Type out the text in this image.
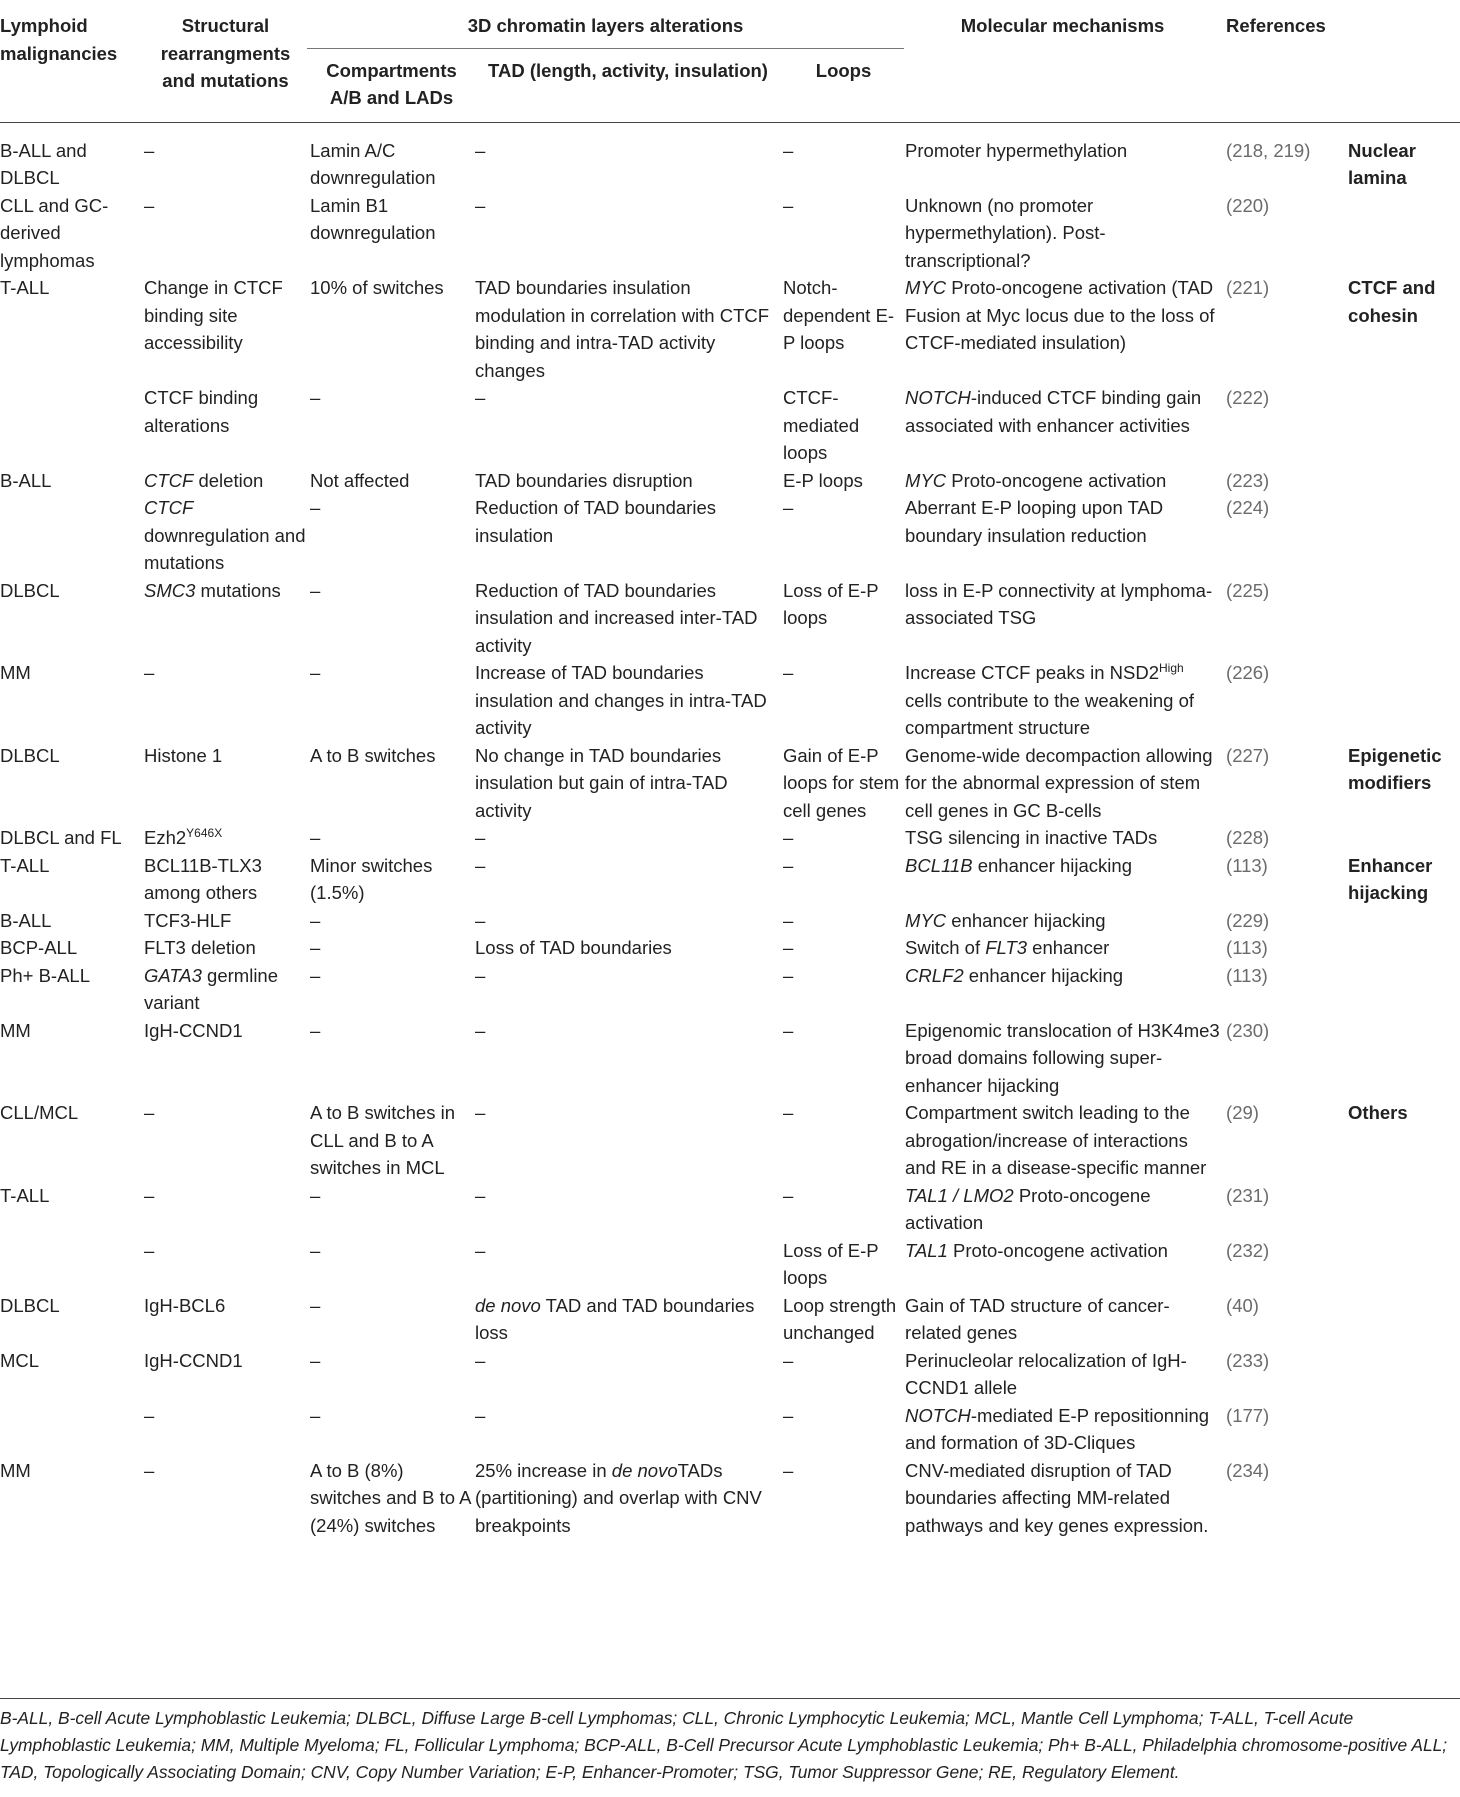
Lymphoid malignancies	Structural rearrangments and mutations	3D chromatin layers alterations			Molecular mechanisms	References	
		Compartments A/B and LADs	TAD (length, activity, insulation)	Loops			

B-ALL and DLBCL	–	Lamin A/C downregulation	–	–	Promoter hypermethylation	(218, 219)	Nuclear lamina
CLL and GC-derived lymphomas	–	Lamin B1 downregulation	–	–	Unknown (no promoter hypermethylation). Post-transcriptional?	(220)	
T-ALL	Change in CTCF binding site accessibility	10% of switches	TAD boundaries insulation modulation in correlation with CTCF binding and intra-TAD activity changes	Notch-dependent E-P loops	MYC Proto-oncogene activation (TAD Fusion at Myc locus due to the loss of CTCF-mediated insulation)	(221)	CTCF and cohesin
	CTCF binding alterations	–	–	CTCF-mediated loops	NOTCH-induced CTCF binding gain associated with enhancer activities	(222)	
B-ALL	CTCF deletion	Not affected	TAD boundaries disruption	E-P loops	MYC Proto-oncogene activation	(223)	
	CTCF downregulation and mutations	–	Reduction of TAD boundaries insulation	–	Aberrant E-P looping upon TAD boundary insulation reduction	(224)	
DLBCL	SMC3 mutations	–	Reduction of TAD boundaries insulation and increased inter-TAD activity	Loss of E-P loops	loss in E-P connectivity at lymphoma-associated TSG	(225)	
MM	–	–	Increase of TAD boundaries insulation and changes in intra-TAD activity	–	Increase CTCF peaks in $NSD2^{High}$ cells contribute to the weakening of compartment structure	(226)	
DLBCL	Histone 1	A to B switches	No change in TAD boundaries insulation but gain of intra-TAD activity	Gain of E-P loops for stem cell genes	Genome-wide decompaction allowing for the abnormal expression of stem cell genes in GC B-cells	(227)	Epigenetic modifiers
DLBCL and FL	$Ezh2^{Y646X}$	–	–	–	TSG silencing in inactive TADs	(228)	
T-ALL	BCL11B-TLX3 among others	Minor switches (1.5%)	–	–	BCL11B enhancer hijacking	(113)	Enhancer hijacking
B-ALL	TCF3-HLF	–	–	–	MYC enhancer hijacking	(229)	
BCP-ALL	FLT3 deletion	–	Loss of TAD boundaries	–	Switch of FLT3 enhancer	(113)	
Ph+ B-ALL	GATA3 germline variant	–	–	–	CRLF2 enhancer hijacking	(113)	
MM	IgH-CCND1	–	–	–	Epigenomic translocation of H3K4me3 broad domains following super-enhancer hijacking	(230)	
CLL/MCL	–	A to B switches in CLL and B to A switches in MCL	–	–	Compartment switch leading to the abrogation/increase of interactions and RE in a disease-specific manner	(29)	Others
T-ALL	–	–	–	–	TAL1 / LMO2 Proto-oncogene activation	(231)	
	–	–	–	Loss of E-P loops	TAL1 Proto-oncogene activation	(232)	
DLBCL	IgH-BCL6	–	de novo TAD and TAD boundaries loss	Loop strength unchanged	Gain of TAD structure of cancer-related genes	(40)	
MCL	IgH-CCND1	–	–	–	Perinucleolar relocalization of IgH-CCND1 allele	(233)	
	–	–	–	–	NOTCH-mediated E-P repositionning and formation of 3D-Cliques	(177)	
MM	–	A to B (8%) switches and B to A (24%) switches	25% increase in de novoTADs (partitioning) and overlap with CNV breakpoints	–	CNV-mediated disruption of TAD boundaries affecting MM-related pathways and key genes expression.	(234)	

B-ALL, B-cell Acute Lymphoblastic Leukemia; DLBCL, Diffuse Large B-cell Lymphomas; CLL, Chronic Lymphocytic Leukemia; MCL, Mantle Cell Lymphoma; T-ALL, T-cell Acute Lymphoblastic Leukemia; MM, Multiple Myeloma; FL, Follicular Lymphoma; BCP-ALL, B-Cell Precursor Acute Lymphoblastic Leukemia; Ph+ B-ALL, Philadelphia chromosome-positive ALL; TAD, Topologically Associating Domain; CNV, Copy Number Variation; E-P, Enhancer-Promoter; TSG, Tumor Suppressor Gene; RE, Regulatory Element.
